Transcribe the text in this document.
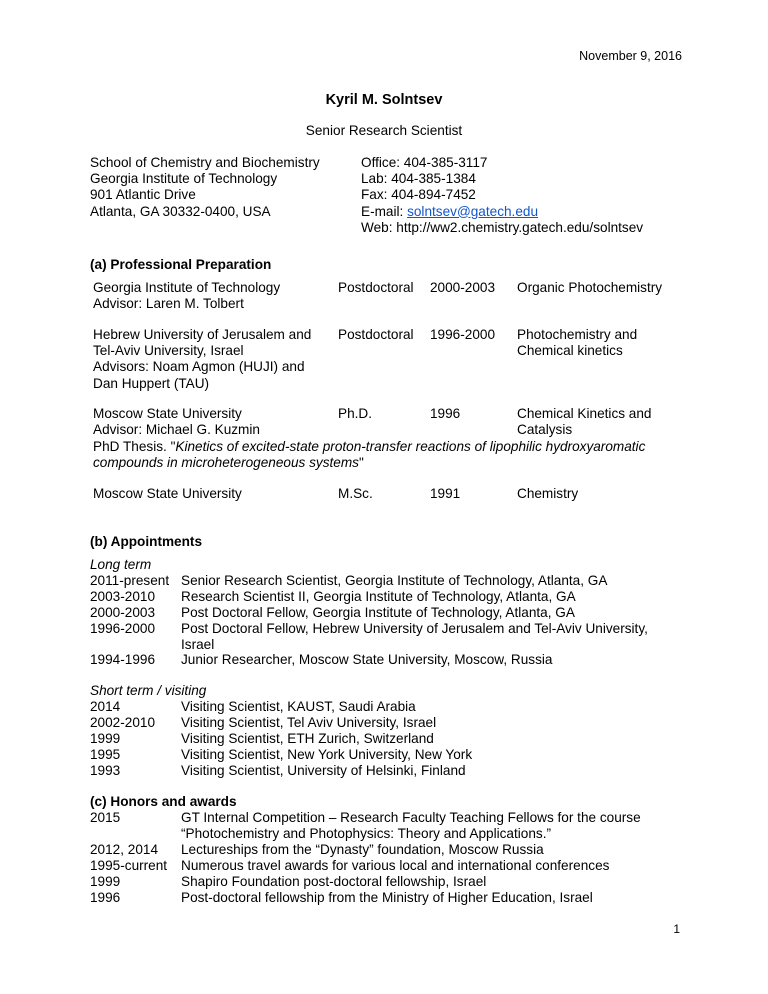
November 9, 2016
Kyril M. Solntsev
Senior Research Scientist
School of Chemistry and Biochemistry
Georgia Institute of Technology
901 Atlantic Drive
Atlanta, GA 30332-0400, USA
Office: 404-385-3117
Lab: 404-385-1384
Fax: 404-894-7452
E-mail: solntsev@gatech.edu
Web: http://ww2.chemistry.gatech.edu/solntsev
(a) Professional Preparation
Georgia Institute of Technology
Advisor: Laren M. Tolbert
Postdoctoral 2000-2003 Organic Photochemistry
Hebrew University of Jerusalem and
Tel-Aviv University, Israel
Advisors: Noam Agmon (HUJI) and
Dan Huppert (TAU)
Postdoctoral 1996-2000 Photochemistry and
Chemical kinetics
Moscow State University
Advisor: Michael G. Kuzmin
Ph.D.	1996	Chemical Kinetics and
Catalysis
PhD Thesis. "Kinetics of excited-state proton-transfer reactions of lipophilic hydroxyaromatic
compounds in microheterogeneous systems"
Moscow State University	M.Sc.	1991	Chemistry
(b) Appointments
Long term
2011-present Senior Research Scientist, Georgia Institute of Technology, Atlanta, GA
2003-2010 Research Scientist II, Georgia Institute of Technology, Atlanta, GA
2000-2003 Post Doctoral Fellow, Georgia Institute of Technology, Atlanta, GA
1996-2000 Post Doctoral Fellow, Hebrew University of Jerusalem and Tel-Aviv University,
Israel
1994-1996 Junior Researcher, Moscow State University, Moscow, Russia
Short term / visiting
2014	Visiting Scientist, KAUST, Saudi Arabia
2002-2010 Visiting Scientist, Tel Aviv University, Israel
1999	Visiting Scientist, ETH Zurich, Switzerland
1995	Visiting Scientist, New York University, New York
1993	Visiting Scientist, University of Helsinki, Finland
(c) Honors and awards
2015	GT Internal Competition – Research Faculty Teaching Fellows for the course
“Photochemistry and Photophysics: Theory and Applications.”
2012, 2014 Lectureships from the “Dynasty” foundation, Moscow Russia
1995-current Numerous travel awards for various local and international conferences
1999	Shapiro Foundation post-doctoral fellowship, Israel
1996	Post-doctoral fellowship from the Ministry of Higher Education, Israel
1
